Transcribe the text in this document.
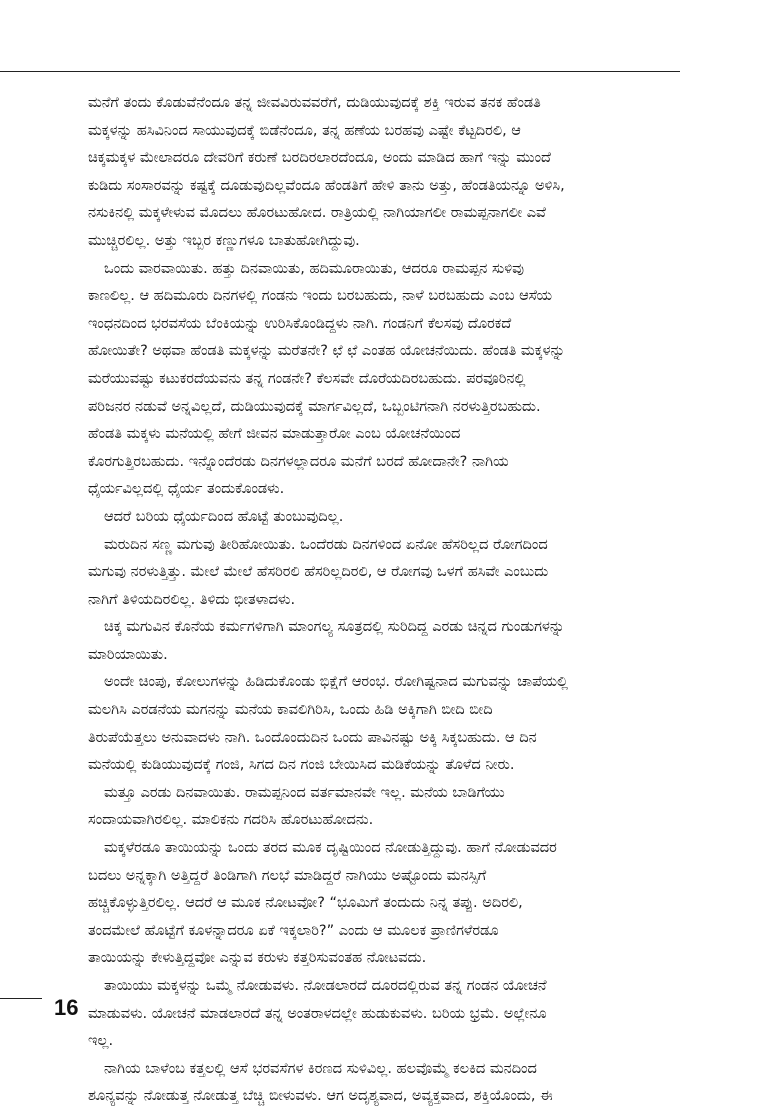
ಮನೆಗೆ ತಂದು ಕೊಡುವೆನೆಂದೂ ತನ್ನ ಜೀವವಿರುವವರೆಗೆ, ದುಡಿಯುವುದಕ್ಕೆ ಶಕ್ತಿ ಇರುವ ತನಕ ಹೆಂಡತಿ

ಮಕ್ಕಳನ್ನು ಹಸಿವಿನಿಂದ ಸಾಯುವುದಕ್ಕೆ ಬಿಡೆನೆಂದೂ, ತನ್ನ ಹಣೆಯ ಬರಹವು ಎಷ್ಟೇ ಕೆಟ್ಟದಿರಲಿ, ಆ

ಚಿಕ್ಕಮಕ್ಕಳ ಮೇಲಾದರೂ ದೇವರಿಗೆ ಕರುಣೆ ಬರದಿರಲಾರದೆಂದೂ, ಅಂದು ಮಾಡಿದ ಹಾಗೆ ಇನ್ನು ಮುಂದೆ

ಕುಡಿದು ಸಂಸಾರವನ್ನು ಕಷ್ಟಕ್ಕೆ ದೂಡುವುದಿಲ್ಲವೆಂದೂ ಹೆಂಡತಿಗೆ ಹೇಳಿ ತಾನು ಅತ್ತು, ಹೆಂಡತಿಯನ್ನೂ ಅಳಿಸಿ,

ನಸುಕಿನಲ್ಲಿ ಮಕ್ಕಳೇಳುವ ಮೊದಲು ಹೊರಟುಹೋದ. ರಾತ್ರಿಯಲ್ಲಿ ನಾಗಿಯಾಗಲೀ ರಾಮಪ್ಪನಾಗಲೀ ಎವೆ

ಮುಚ್ಚಿರಲಿಲ್ಲ. ಅತ್ತು ಇಬ್ಬರ ಕಣ್ಣುಗಳೂ ಬಾತುಹೋಗಿದ್ದುವು.

ಒಂದು ವಾರವಾಯಿತು. ಹತ್ತು ದಿನವಾಯಿತು, ಹದಿಮೂರಾಯಿತು, ಆದರೂ ರಾಮಪ್ಪನ ಸುಳಿವು

ಕಾಣಲಿಲ್ಲ. ಆ ಹದಿಮೂರು ದಿನಗಳಲ್ಲಿ ಗಂಡನು ಇಂದು ಬರಬಹುದು, ನಾಳೆ ಬರಬಹುದು ಎಂಬ ಆಸೆಯ

ಇಂಧನದಿಂದ ಭರವಸೆಯ ಬೆಂಕಿಯನ್ನು ಉರಿಸಿಕೊಂಡಿದ್ದಳು ನಾಗಿ. ಗಂಡನಿಗೆ ಕೆಲಸವು ದೊರಕದೆ

ಹೋಯಿತೇ? ಅಥವಾ ಹೆಂಡತಿ ಮಕ್ಕಳನ್ನು ಮರೆತನೇ? ಛೆ ಛೆ ಎಂತಹ ಯೋಚನೆಯಿದು. ಹೆಂಡತಿ ಮಕ್ಕಳನ್ನು

ಮರೆಯುವಷ್ಟು ಕಟುಕರದೆಯವನು ತನ್ನ ಗಂಡನೇ? ಕೆಲಸವೇ ದೊರೆಯದಿರಬಹುದು. ಪರವೂರಿನಲ್ಲಿ

ಪರಿಜನರ ನಡುವೆ ಅನ್ನವಿಲ್ಲದೆ, ದುಡಿಯುವುದಕ್ಕೆ ಮಾರ್ಗವಿಲ್ಲದೆ, ಒಬ್ಬಂಟಿಗನಾಗಿ ನರಳುತ್ತಿರಬಹುದು.

ಹೆಂಡತಿ ಮಕ್ಕಳು ಮನೆಯಲ್ಲಿ ಹೇಗೆ ಜೀವನ ಮಾಡುತ್ತಾರೋ ಎಂಬ ಯೋಚನೆಯಿಂದ

ಕೊರಗುತ್ತಿರಬಹುದು. ಇನ್ನೊಂದೆರಡು ದಿನಗಳಲ್ಲಾದರೂ ಮನೆಗೆ ಬರದೆ ಹೋದಾನೇ? ನಾಗಿಯ

ಧೈರ್ಯವಿಲ್ಲದಲ್ಲಿ ಧೈರ್ಯ ತಂದುಕೊಂಡಳು.

ಆದರೆ ಬರಿಯ ಧೈರ್ಯದಿಂದ ಹೊಟ್ಟೆ ತುಂಬುವುದಿಲ್ಲ.

ಮರುದಿನ ಸಣ್ಣ ಮಗುವು ತೀರಿಹೋಯಿತು. ಒಂದೆರಡು ದಿನಗಳಿಂದ ಏನೋ ಹೆಸರಿಲ್ಲದ ರೋಗದಿಂದ

ಮಗುವು ನರಳುತ್ತಿತ್ತು. ಮೇಲೆ ಮೇಲೆ ಹೆಸರಿರಲಿ ಹೆಸರಿಲ್ಲದಿರಲಿ, ಆ ರೋಗವು ಒಳಗೆ ಹಸಿವೇ ಎಂಬುದು

ನಾಗಿಗೆ ತಿಳಿಯದಿರಲಿಲ್ಲ. ತಿಳಿದು ಭೀತಳಾದಳು.

ಚಿಕ್ಕ ಮಗುವಿನ ಕೊನೆಯ ಕರ್ಮಗಳಿಗಾಗಿ ಮಾಂಗಲ್ಯ ಸೂತ್ರದಲ್ಲಿ ಸುರಿದಿದ್ದ ಎರಡು ಚಿನ್ನದ ಗುಂಡುಗಳನ್ನು

ಮಾರಿಯಾಯಿತು.

ಅಂದೇ ಚಿಂಪು, ಕೋಲುಗಳನ್ನು ಹಿಡಿದುಕೊಂಡು ಭಿಕ್ಷೆಗೆ ಆರಂಭ. ರೋಗಿಷ್ಟನಾದ ಮಗುವನ್ನು ಚಾಪೆಯಲ್ಲಿ

ಮಲಗಿಸಿ ಎರಡನೆಯ ಮಗನನ್ನು ಮನೆಯ ಕಾವಲಿಗಿರಿಸಿ, ಒಂದು ಹಿಡಿ ಅಕ್ಕಿಗಾಗಿ ಬೀದಿ ಬೀದಿ

ತಿರುಪೆಯೆತ್ತಲು ಅನುವಾದಳು ನಾಗಿ. ಒಂದೊಂದುದಿನ ಒಂದು ಪಾವಿನಷ್ಟು ಅಕ್ಕಿ ಸಿಕ್ಕಬಹುದು. ಆ ದಿನ

ಮನೆಯಲ್ಲಿ ಕುಡಿಯುವುದಕ್ಕೆ ಗಂಜಿ, ಸಿಗದ ದಿನ ಗಂಜಿ ಬೇಯಿಸಿದ ಮಡಿಕೆಯನ್ನು ತೊಳೆದ ನೀರು.

ಮತ್ತೂ ಎರಡು ದಿನವಾಯಿತು. ರಾಮಪ್ಪನಿಂದ ವರ್ತಮಾನವೇ ಇಲ್ಲ. ಮನೆಯ ಬಾಡಿಗೆಯು

ಸಂದಾಯವಾಗಿರಲಿಲ್ಲ. ಮಾಲಿಕನು ಗದರಿಸಿ ಹೊರಟುಹೋದನು.

ಮಕ್ಕಳೆರಡೂ ತಾಯಿಯನ್ನು ಒಂದು ತರದ ಮೂಕ ದೃಷ್ಟಿಯಿಂದ ನೋಡುತ್ತಿದ್ದುವು. ಹಾಗೆ ನೋಡುವದರ

ಬದಲು ಅನ್ನಕ್ಕಾಗಿ ಅತ್ತಿದ್ದರೆ ತಿಂಡಿಗಾಗಿ ಗಲಭೆ ಮಾಡಿದ್ದರೆ ನಾಗಿಯು ಅಷ್ಟೊಂದು ಮನಸ್ಸಿಗೆ

ಹಚ್ಚಿಕೊಳ್ಳುತ್ತಿರಲಿಲ್ಲ. ಆದರೆ ಆ ಮೂಕ ನೋಟವೋ? “ಭೂಮಿಗೆ ತಂದುದು ನಿನ್ನ ತಪ್ಪು. ಅದಿರಲಿ,

ತಂದಮೇಲೆ ಹೊಟ್ಟೆಗೆ ಕೂಳನ್ನಾದರೂ ಏಕೆ ಇಕ್ಕಲಾರಿ?” ಎಂದು ಆ ಮೂಲಕ ಪ್ರಾಣಿಗಳೆರಡೂ

ತಾಯಿಯನ್ನು ಕೇಳುತ್ತಿದ್ದವೋ ಎನ್ನುವ ಕರುಳು ಕತ್ತರಿಸುವಂತಹ ನೋಟವದು.

ತಾಯಿಯು ಮಕ್ಕಳನ್ನು ಒಮ್ಮೆ ನೋಡುವಳು. ನೋಡಲಾರದೆ ದೂರದಲ್ಲಿರುವ ತನ್ನ ಗಂಡನ ಯೋಚನೆ

ಮಾಡುವಳು. ಯೋಚನೆ ಮಾಡಲಾರದೆ ತನ್ನ ಅಂತರಾಳದಲ್ಲೇ ಹುಡುಕುವಳು. ಬರಿಯ ಭ್ರಮೆ. ಅಲ್ಲೇನೂ

ಇಲ್ಲ.

ನಾಗಿಯ ಬಾಳೆಂಬ ಕತ್ತಲಲ್ಲಿ ಆಸೆ ಭರವಸೆಗಳ ಕಿರಣದ ಸುಳಿವಿಲ್ಲ. ಹಲವೊಮ್ಮೆ ಕಲಕಿದ ಮನದಿಂದ

ಶೂನ್ಯವನ್ನು ನೋಡುತ್ತ ನೋಡುತ್ತ ಬೆಚ್ಚಿ ಬೀಳುವಳು. ಆಗ ಅದೃಶ್ಯವಾದ, ಅವ್ಯಕ್ತವಾದ, ಶಕ್ತಿಯೊಂದು, ಈ

16
